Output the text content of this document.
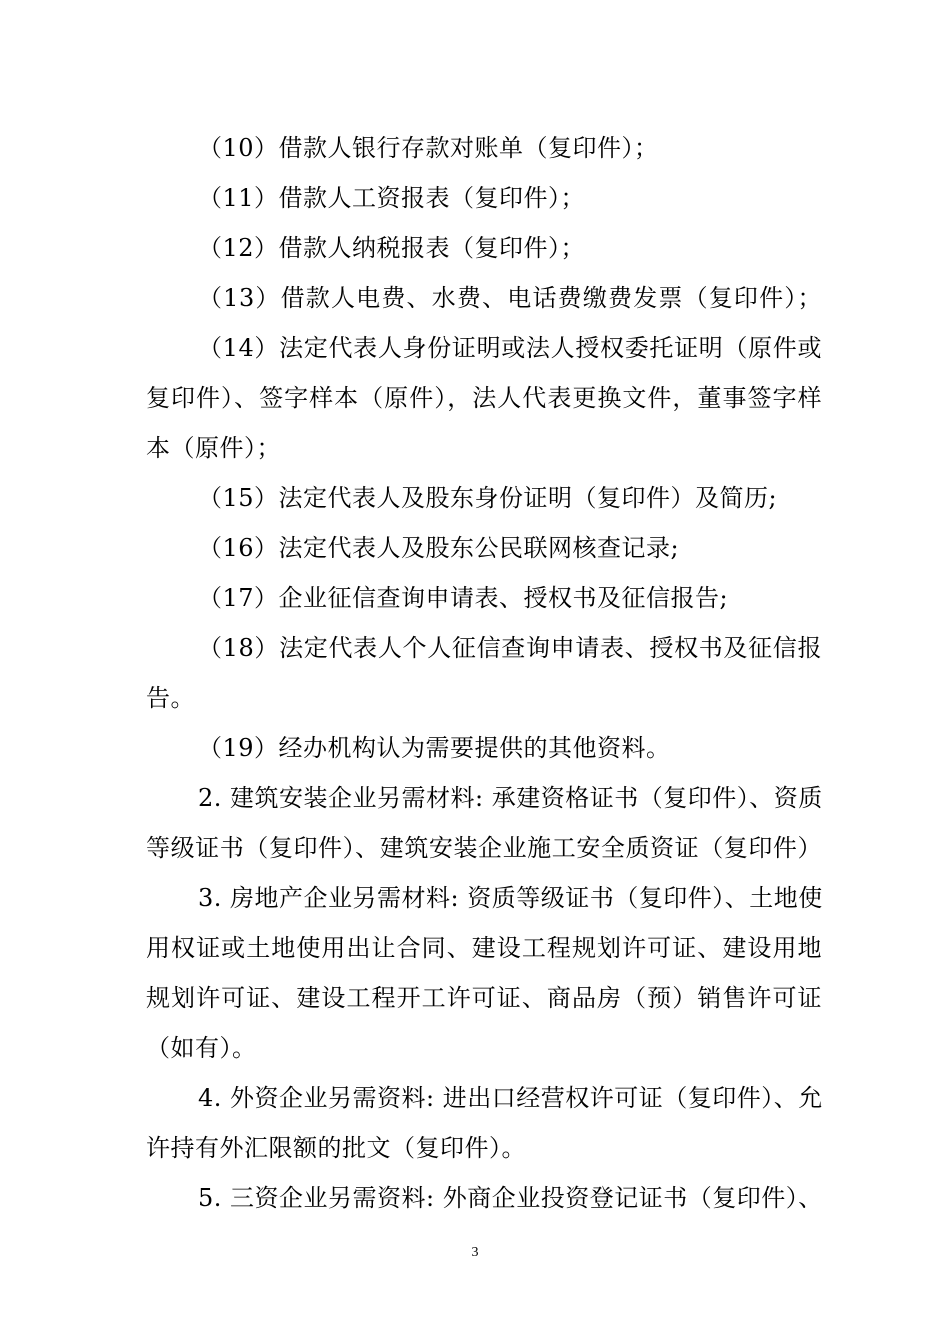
（10）借款人银行存款对账单（复印件）；
（11）借款人工资报表（复印件）；
（12）借款人纳税报表（复印件）；
（13）借款人电费、水费、电话费缴费发票（复印件）；
（14）法定代表人身份证明或法人授权委托证明（原件或
复印件）、签字样本（原件），法人代表更换文件，董事签字样
本（原件）；
（15）法定代表人及股东身份证明（复印件）及简历;
（16）法定代表人及股东公民联网核查记录;
（17）企业征信查询申请表、授权书及征信报告;
（18）法定代表人个人征信查询申请表、授权书及征信报
告。
（19）经办机构认为需要提供的其他资料。
2. 建筑安装企业另需材料: 承建资格证书（复印件）、资质
等级证书（复印件）、建筑安装企业施工安全质资证（复印件）
3. 房地产企业另需材料: 资质等级证书（复印件）、土地使
用权证或土地使用出让合同、建设工程规划许可证、建设用地
规划许可证、建设工程开工许可证、商品房（预）销售许可证
（如有）。
4. 外资企业另需资料: 进出口经营权许可证（复印件）、允
许持有外汇限额的批文（复印件）。
5. 三资企业另需资料: 外商企业投资登记证书（复印件）、
3
